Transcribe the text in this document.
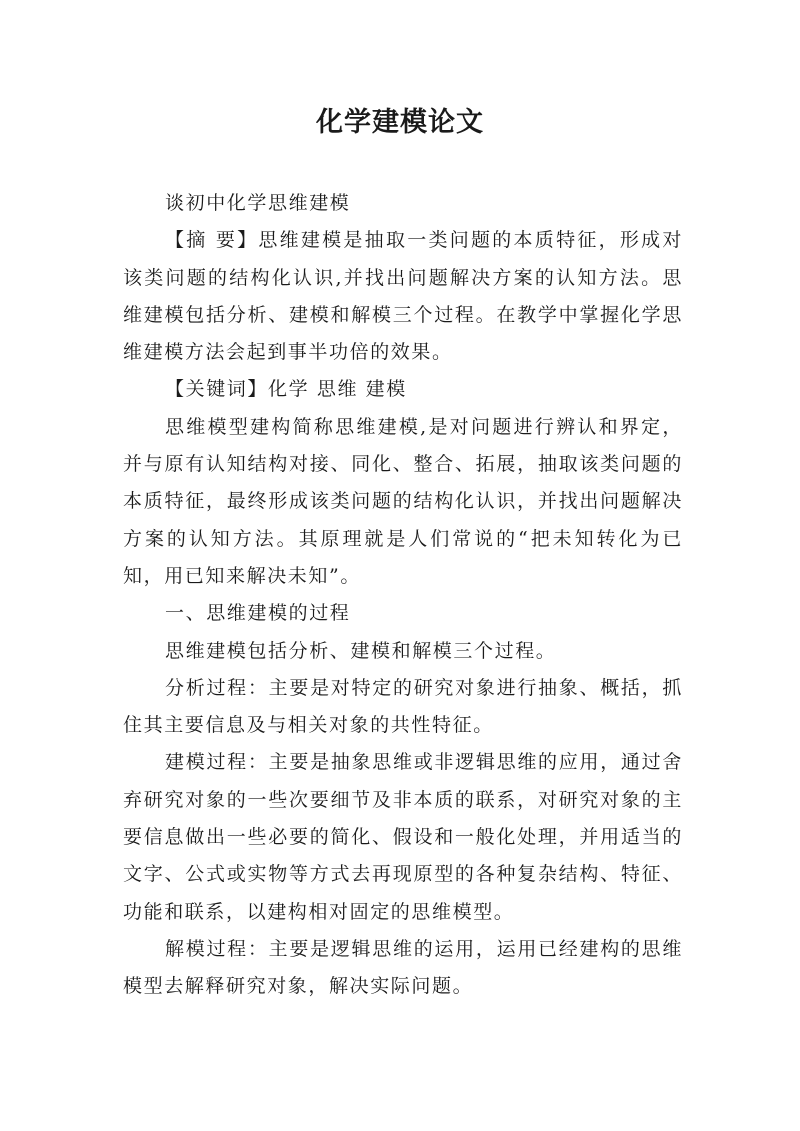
化学建模论文

谈初中化学思维建模

【摘 要】思维建模是抽取一类问题的本质特征，形成对该类问题的结构化认识,并找出问题解决方案的认知方法。思维建模包括分析、建模和解模三个过程。在教学中掌握化学思维建模方法会起到事半功倍的效果。

【关键词】化学 思维 建模

思维模型建构简称思维建模,是对问题进行辨认和界定，并与原有认知结构对接、同化、整合、拓展，抽取该类问题的本质特征，最终形成该类问题的结构化认识，并找出问题解决方案的认知方法。其原理就是人们常说的“把未知转化为已知，用已知来解决未知”。

一、思维建模的过程

思维建模包括分析、建模和解模三个过程。

分析过程：主要是对特定的研究对象进行抽象、概括，抓住其主要信息及与相关对象的共性特征。

建模过程：主要是抽象思维或非逻辑思维的应用，通过舍弃研究对象的一些次要细节及非本质的联系，对研究对象的主要信息做出一些必要的简化、假设和一般化处理，并用适当的文字、公式或实物等方式去再现原型的各种复杂结构、特征、功能和联系，以建构相对固定的思维模型。

解模过程：主要是逻辑思维的运用，运用已经建构的思维模型去解释研究对象，解决实际问题。
